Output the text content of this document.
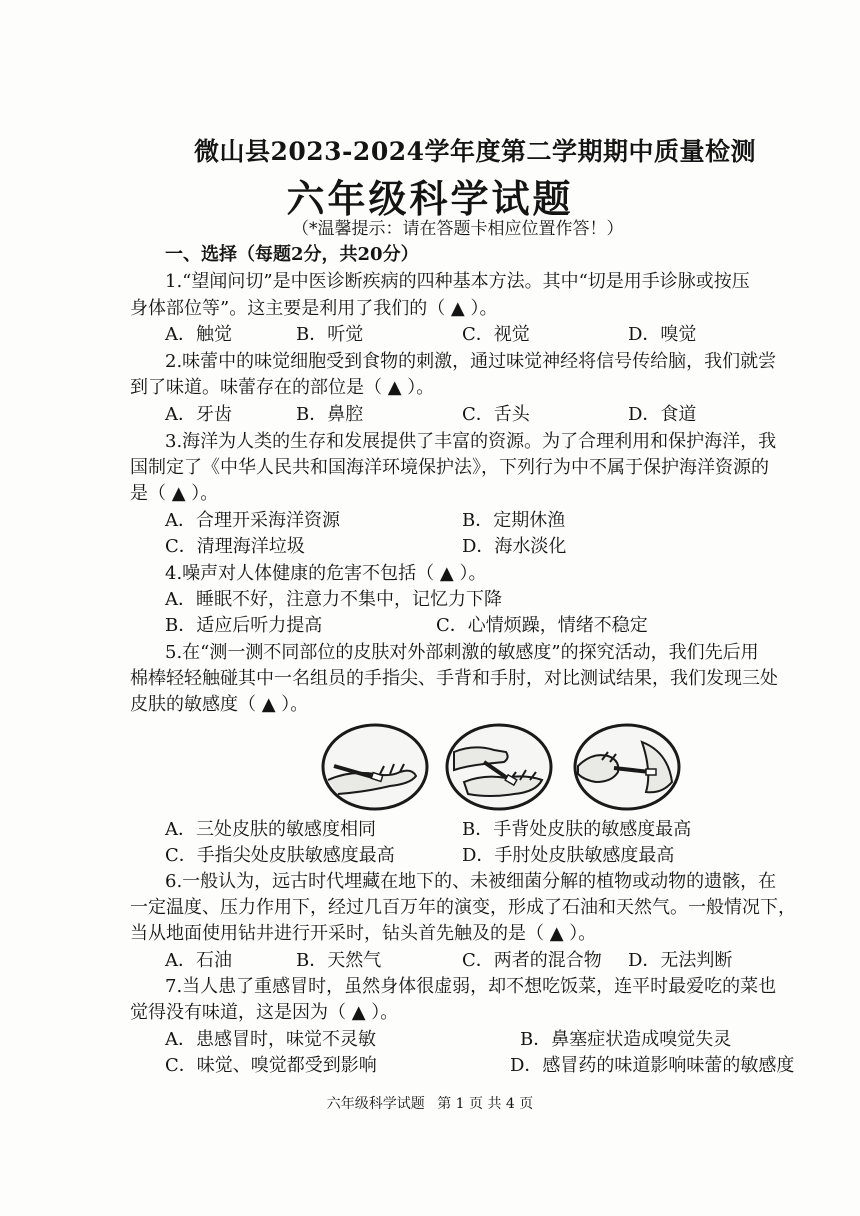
微山县2023-2024学年度第二学期期中质量检测
六年级科学试题
（*温馨提示：请在答题卡相应位置作答！）
一、选择（每题2分，共20分）
1.“望闻问切”是中医诊断疾病的四种基本方法。其中“切是用手诊脉或按压
身体部位等”。这主要是利用了我们的（ ▲ ）。
A．触觉	B．听觉	C．视觉	D．嗅觉
2.味蕾中的味觉细胞受到食物的刺激，通过味觉神经将信号传给脑，我们就尝
到了味道。味蕾存在的部位是（ ▲ ）。
A．牙齿	B．鼻腔	C．舌头	D．食道
3.海洋为人类的生存和发展提供了丰富的资源。为了合理利用和保护海洋，我
国制定了《中华人民共和国海洋环境保护法》，下列行为中不属于保护海洋资源的
是（ ▲ ）。
A．合理开采海洋资源	B．定期休渔
C．清理海洋垃圾	D．海水淡化
4.噪声对人体健康的危害不包括（ ▲ ）。
A．睡眠不好，注意力不集中，记忆力下降
B．适应后听力提高	C．心情烦躁，情绪不稳定
5.在“测一测不同部位的皮肤对外部刺激的敏感度”的探究活动，我们先后用
棉棒轻轻触碰其中一名组员的手指尖、手背和手肘，对比测试结果，我们发现三处
皮肤的敏感度（ ▲ ）。
A．三处皮肤的敏感度相同	B．手背处皮肤的敏感度最高
C．手指尖处皮肤敏感度最高	D．手肘处皮肤敏感度最高
6.一般认为，远古时代埋藏在地下的、未被细菌分解的植物或动物的遗骸，在
一定温度、压力作用下，经过几百万年的演变，形成了石油和天然气。一般情况下，
当从地面使用钻井进行开采时，钻头首先触及的是（ ▲ ）。
A．石油	B．天然气	C．两者的混合物 D．无法判断
7.当人患了重感冒时，虽然身体很虚弱，却不想吃饭菜，连平时最爱吃的菜也
觉得没有味道，这是因为（ ▲ ）。
A．患感冒时，味觉不灵敏	B．鼻塞症状造成嗅觉失灵
C．味觉、嗅觉都受到影响	D．感冒药的味道影响味蕾的敏感度
六年级科学试题 第 1 页 共 4 页
